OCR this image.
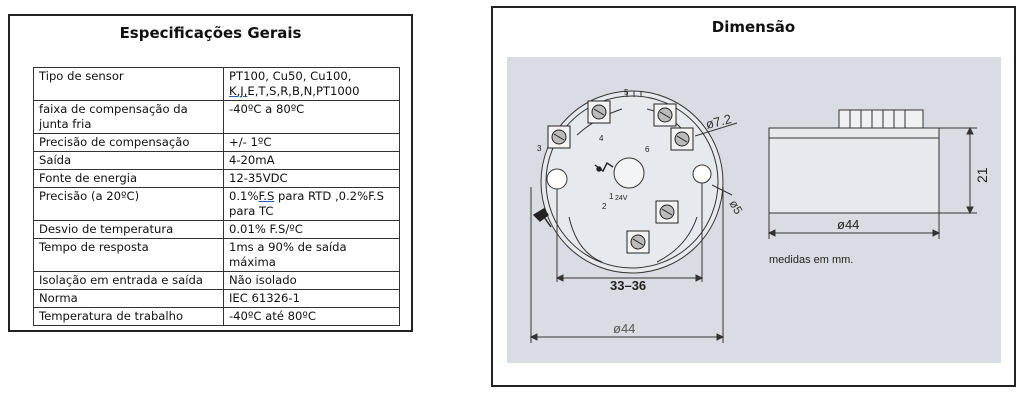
Especificações Gerais
Tipo de sensor	PT100, Cu50, Cu100,
K,J,E,T,S,R,B,N,PT1000
faixa de compensação da junta fria	-40ºC a 80ºC
Precisão de compensação	+/- 1ºC
Saída	4-20mA
Fonte de energia	12-35VDC
Precisão (a 20ºC)	0.1%F.S para RTD ,0.2%F.S para TC
Desvio de temperatura	0.01% F.S/ºC
Tempo de resposta	1ms a 90% de saída máxima
Isolação em entrada e saída	Não isolado
Norma	IEC 61326-1
Temperatura de trabalho	-40ºC até 80ºC
Dimensão
1
2
3
4
5
6
24V
ø7.2
ø5
33–36
ø44
21
ø44
medidas em mm.
